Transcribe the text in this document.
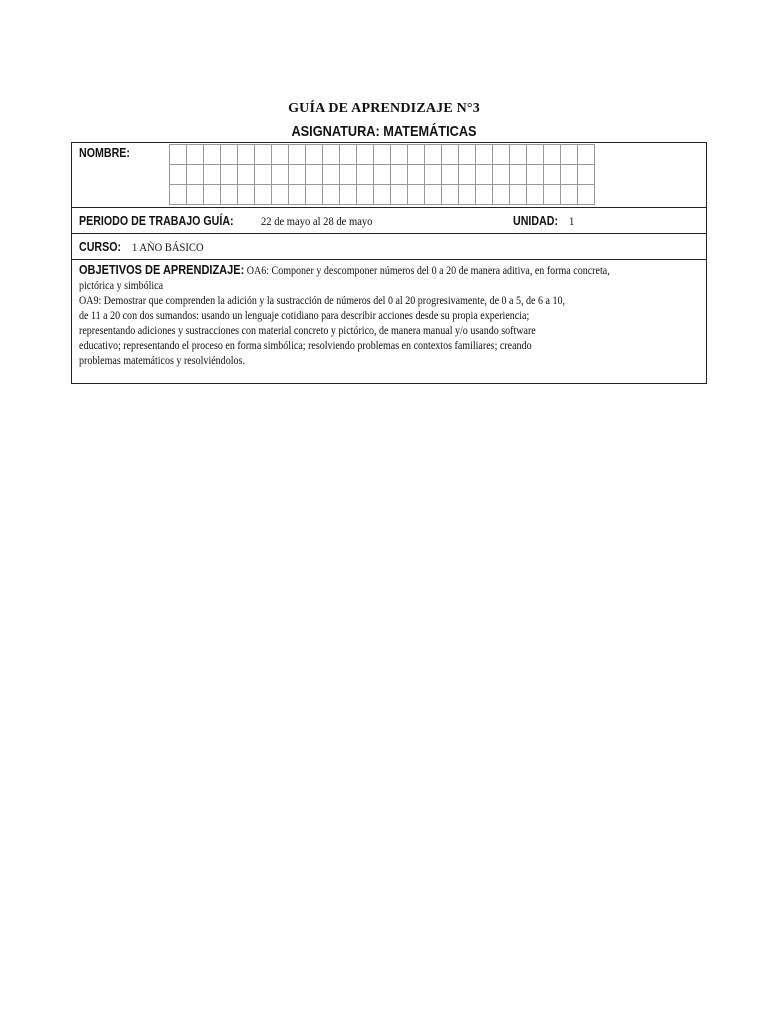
GUÍA DE APRENDIZAJE N°3
ASIGNATURA: MATEMÁTICAS
NOMBRE:
PERIODO DE TRABAJO GUÍA: 22 de mayo al 28 de mayo	UNIDAD: 1
CURSO: 1 AÑO BÁSICO
OBJETIVOS DE APRENDIZAJE: OA6: Componer y descomponer números del 0 a 20 de manera aditiva, en forma concreta,
pictórica y simbólica
OA9: Demostrar que comprenden la adición y la sustracción de números del 0 al 20 progresivamente, de 0 a 5, de 6 a 10,
de 11 a 20 con dos sumandos: usando un lenguaje cotidiano para describir acciones desde su propia experiencia;
representando adiciones y sustracciones con material concreto y pictórico, de manera manual y/o usando software
educativo; representando el proceso en forma simbólica; resolviendo problemas en contextos familiares; creando
problemas matemáticos y resolviéndolos.
